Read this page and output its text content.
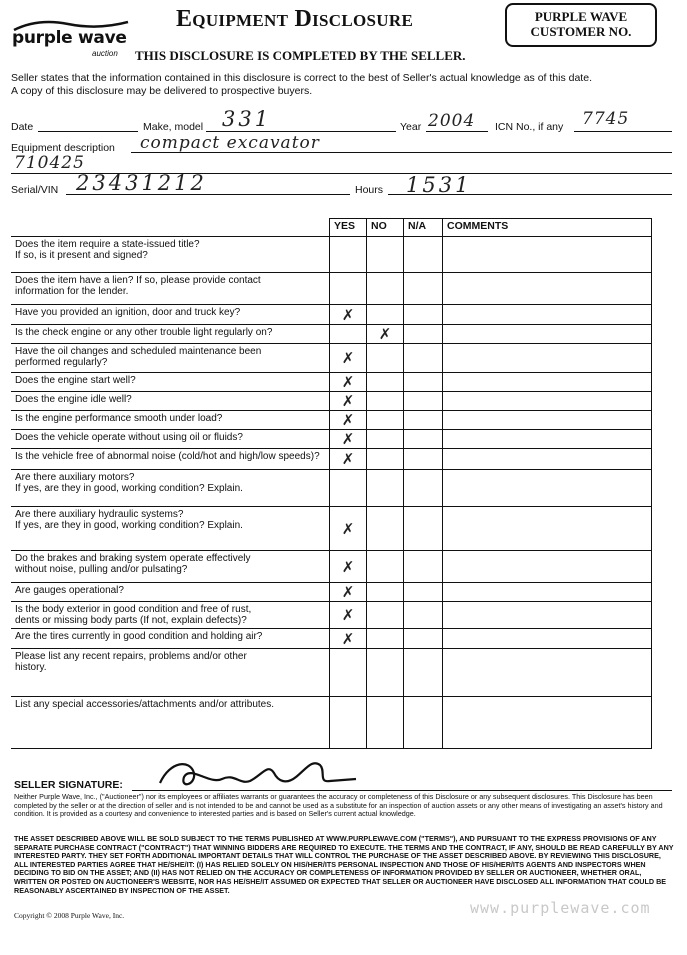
purple wave
auction
Equipment Disclosure
THIS DISCLOSURE IS COMPLETED BY THE SELLER.
PURPLE WAVE
CUSTOMER NO.
Seller states that the information contained in this disclosure is correct to the best of Seller's actual knowledge as of this date.
A copy of this disclosure may be delivered to prospective buyers.
Date	Make, model 331	Year 2004 ICN No., if any 7745
Equipment description compact excavator
710425
Serial/VIN 23431212	Hours 1531
	YES	NO	N/A	COMMENTS

Does the item require a state-issued title?
If so, is it present and signed?				

Does the item have a lien? If so, please provide contact
information for the lender.				

Have you provided an ignition, door and truck key?	✗			

Is the check engine or any other trouble light regularly on?		✗		

Have the oil changes and scheduled maintenance been
performed regularly?	✗			

Does the engine start well?	✗			

Does the engine idle well?	✗			

Is the engine performance smooth under load?	✗			

Does the vehicle operate without using oil or fluids?	✗			

Is the vehicle free of abnormal noise (cold/hot and high/low speeds)?	✗			

Are there auxiliary motors?
If yes, are they in good, working condition? Explain.				

Are there auxiliary hydraulic systems?
If yes, are they in good, working condition? Explain.	✗			

Do the brakes and braking system operate effectively
without noise, pulling and/or pulsating?	✗			

Are gauges operational?	✗			

Is the body exterior in good condition and free of rust,
dents or missing body parts (If not, explain defects)?	✗			

Are the tires currently in good condition and holding air?	✗			

Please list any recent repairs, problems and/or other
history.				

List any special accessories/attachments and/or attributes.				

SELLER SIGNATURE:
Neither Purple Wave, Inc., ("Auctioneer") nor its employees or affiliates warrants or guarantees the accuracy or completeness of this Disclosure or any subsequent disclosures. This Disclosure has been completed by the seller or at the direction of seller and is not intended to be and cannot be used as a substitute for an inspection of auction assets or any other means of investigating an asset's history and condition. It is provided as a courtesy and convenience to interested parties and is based on Seller's current actual knowledge.
THE ASSET DESCRIBED ABOVE WILL BE SOLD SUBJECT TO THE TERMS PUBLISHED AT WWW.PURPLEWAVE.COM ("TERMS"), AND PURSUANT TO THE EXPRESS PROVISIONS OF ANY SEPARATE PURCHASE CONTRACT ("CONTRACT") THAT WINNING BIDDERS ARE REQUIRED TO EXECUTE. THE TERMS AND THE CONTRACT, IF ANY, SHOULD BE READ CAREFULLY BY ANY INTERESTED PARTY. THEY SET FORTH ADDITIONAL IMPORTANT DETAILS THAT WILL CONTROL THE PURCHASE OF THE ASSET DESCRIBED ABOVE. BY REVIEWING THIS DISCLOSURE, ALL INTERESTED PARTIES AGREE THAT HE/SHE/IT: (I) HAS RELIED SOLELY ON HIS/HER/ITS PERSONAL INSPECTION AND THOSE OF HIS/HER/ITS AGENTS AND INSPECTORS WHEN DECIDING TO BID ON THE ASSET; AND (II) HAS NOT RELIED ON THE ACCURACY OR COMPLETENESS OF INFORMATION PROVIDED BY SELLER OR AUCTIONEER, WHETHER ORAL, WRITTEN OR POSTED ON AUCTIONEER'S WEBSITE, NOR HAS HE/SHE/IT ASSUMED OR EXPECTED THAT SELLER OR AUCTIONEER HAVE DISCLOSED ALL INFORMATION THAT COULD BE REASONABLY ASCERTAINED BY INSPECTION OF THE ASSET.
Copyright © 2008 Purple Wave, Inc.	www.purplewave.com
